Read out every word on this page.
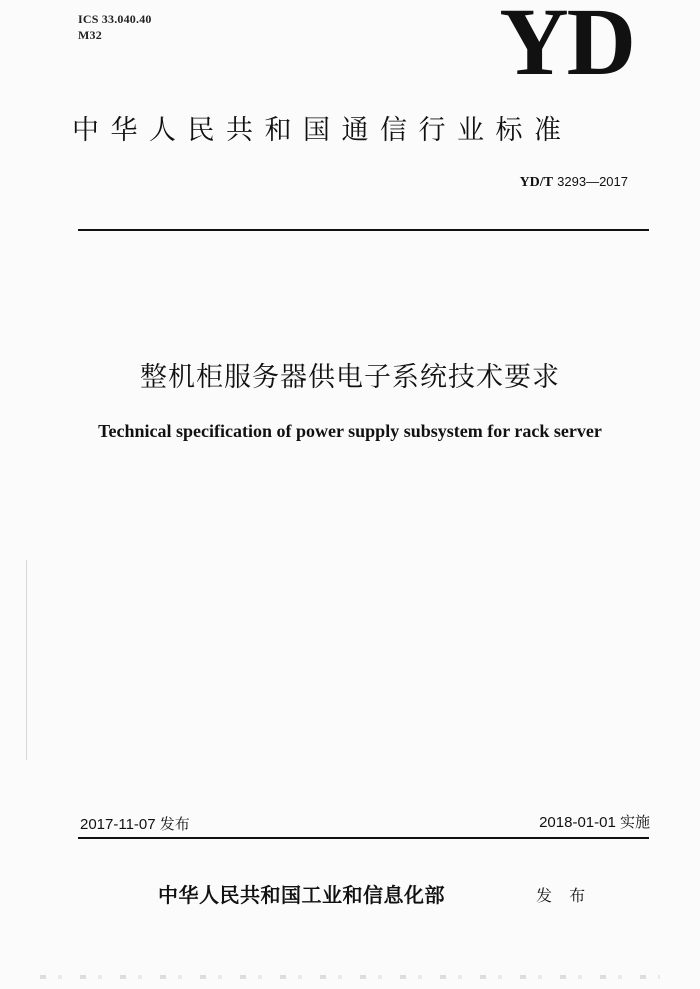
ICS 33.040.40
M32	YD
中华人民共和国通信行业标准
YD/T 3293—2017
整机柜服务器供电子系统技术要求
Technical specification of power supply subsystem for rack server
2017-11-07 发布	2018-01-01 实施
中华人民共和国工业和信息化部	发 布
